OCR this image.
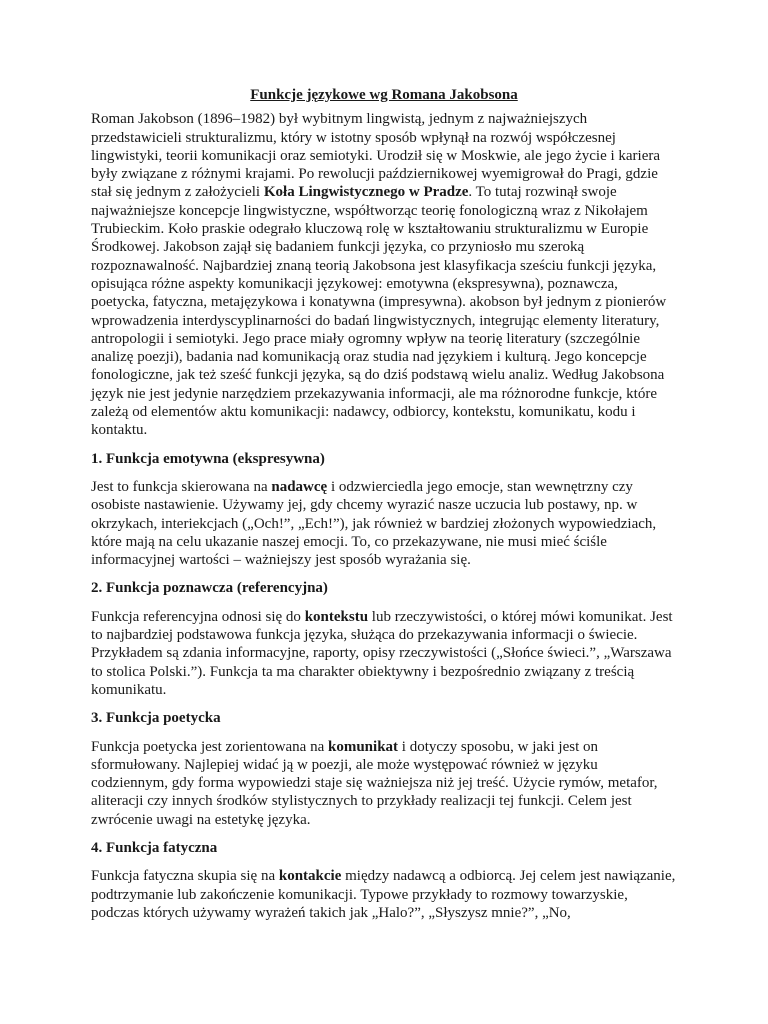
Funkcje językowe wg Romana Jakobsona

Roman Jakobson (1896–1982) był wybitnym lingwistą, jednym z najważniejszych przedstawicieli strukturalizmu, który w istotny sposób wpłynął na rozwój współczesnej lingwistyki, teorii komunikacji oraz semiotyki. Urodził się w Moskwie, ale jego życie i kariera były związane z różnymi krajami. Po rewolucji październikowej wyemigrował do Pragi, gdzie stał się jednym z założycieli Koła Lingwistycznego w Pradze. To tutaj rozwinął swoje najważniejsze koncepcje lingwistyczne, współtworząc teorię fonologiczną wraz z Nikołajem Trubieckim. Koło praskie odegrało kluczową rolę w kształtowaniu strukturalizmu w Europie Środkowej. Jakobson zajął się badaniem funkcji języka, co przyniosło mu szeroką rozpoznawalność. Najbardziej znaną teorią Jakobsona jest klasyfikacja sześciu funkcji języka, opisująca różne aspekty komunikacji językowej: emotywna (ekspresywna), poznawcza, poetycka, fatyczna, metajęzykowa i konatywna (impresywna). akobson był jednym z pionierów wprowadzenia interdyscyplinarności do badań lingwistycznych, integrując elementy literatury, antropologii i semiotyki. Jego prace miały ogromny wpływ na teorię literatury (szczególnie analizę poezji), badania nad komunikacją oraz studia nad językiem i kulturą. Jego koncepcje fonologiczne, jak też sześć funkcji języka, są do dziś podstawą wielu analiz. Według Jakobsona język nie jest jedynie narzędziem przekazywania informacji, ale ma różnorodne funkcje, które zależą od elementów aktu komunikacji: nadawcy, odbiorcy, kontekstu, komunikatu, kodu i kontaktu.

1. Funkcja emotywna (ekspresywna)

Jest to funkcja skierowana na nadawcę i odzwierciedla jego emocje, stan wewnętrzny czy osobiste nastawienie. Używamy jej, gdy chcemy wyrazić nasze uczucia lub postawy, np. w okrzykach, interiekcjach („Och!”, „Ech!”), jak również w bardziej złożonych wypowiedziach, które mają na celu ukazanie naszej emocji. To, co przekazywane, nie musi mieć ściśle informacyjnej wartości – ważniejszy jest sposób wyrażania się.

2. Funkcja poznawcza (referencyjna)

Funkcja referencyjna odnosi się do kontekstu lub rzeczywistości, o której mówi komunikat. Jest to najbardziej podstawowa funkcja języka, służąca do przekazywania informacji o świecie. Przykładem są zdania informacyjne, raporty, opisy rzeczywistości („Słońce świeci.”, „Warszawa to stolica Polski.”). Funkcja ta ma charakter obiektywny i bezpośrednio związany z treścią komunikatu.

3. Funkcja poetycka

Funkcja poetycka jest zorientowana na komunikat i dotyczy sposobu, w jaki jest on sformułowany. Najlepiej widać ją w poezji, ale może występować również w języku codziennym, gdy forma wypowiedzi staje się ważniejsza niż jej treść. Użycie rymów, metafor, aliteracji czy innych środków stylistycznych to przykłady realizacji tej funkcji. Celem jest zwrócenie uwagi na estetykę języka.

4. Funkcja fatyczna

Funkcja fatyczna skupia się na kontakcie między nadawcą a odbiorcą. Jej celem jest nawiązanie, podtrzymanie lub zakończenie komunikacji. Typowe przykłady to rozmowy towarzyskie, podczas których używamy wyrażeń takich jak „Halo?”, „Słyszysz mnie?”, „No,
